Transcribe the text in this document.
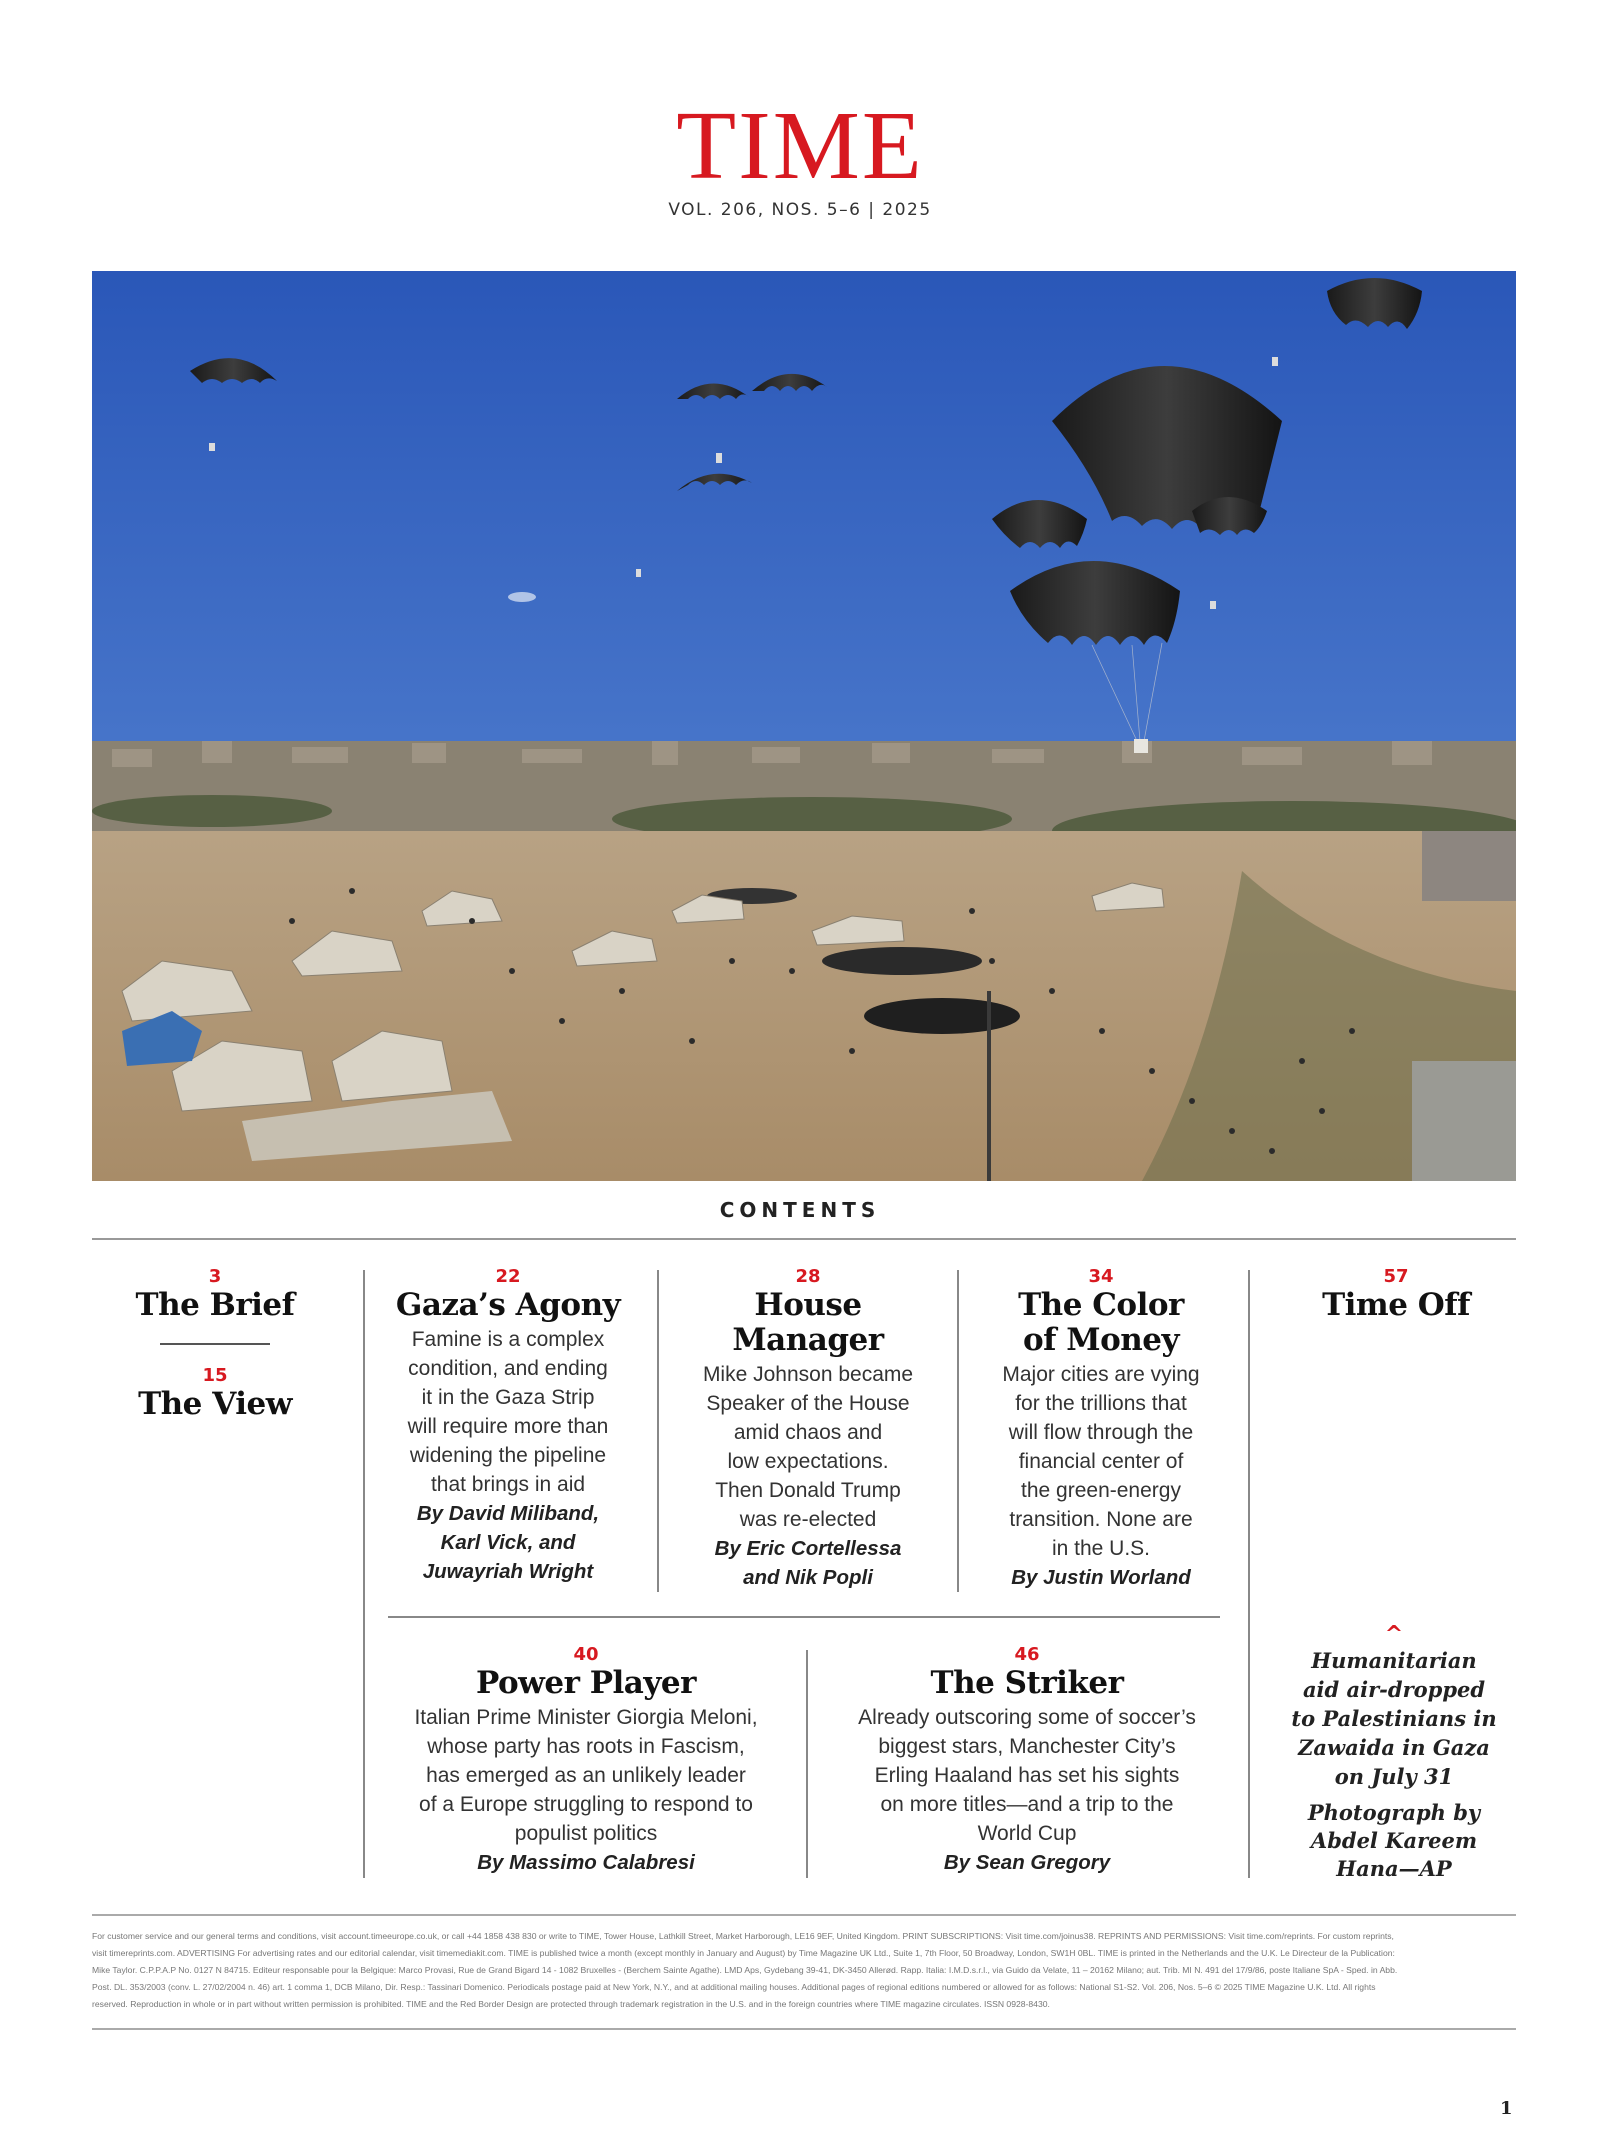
TIME
VOL. 206, NOS. 5–6 | 2025
CONTENTS
3
The Brief
15
The View
22
Gaza’s Agony
Famine is a complex
condition, and ending
it in the Gaza Strip
will require more than
widening the pipeline
that brings in aid
By David Miliband,
Karl Vick, and
Juwayriah Wright
28
House
Manager
Mike Johnson became
Speaker of the House
amid chaos and
low expectations.
Then Donald Trump
was re-elected
By Eric Cortellessa
and Nik Popli
34
The Color
of Money
Major cities are vying
for the trillions that
will flow through the
financial center of
the green-energy
transition. None are
in the U.S.
By Justin Worland
57
Time Off
40
Power Player
Italian Prime Minister Giorgia Meloni,
whose party has roots in Fascism,
has emerged as an unlikely leader
of a Europe struggling to respond to
populist politics
By Massimo Calabresi
46
The Striker
Already outscoring some of soccer’s
biggest stars, Manchester City’s
Erling Haaland has set his sights
on more titles—and a trip to the
World Cup
By Sean Gregory
^
Humanitarian
aid air-dropped
to Palestinians in
Zawaida in Gaza
on July 31
Photograph by
Abdel Kareem
Hana—AP
For customer service and our general terms and conditions, visit account.timeeurope.co.uk, or call +44 1858 438 830 or write to TIME, Tower House, Lathkill Street, Market Harborough, LE16 9EF, United Kingdom. PRINT SUBSCRIPTIONS: Visit time.com/joinus38. REPRINTS AND PERMISSIONS: Visit time.com/reprints. For custom reprints,
visit timereprints.com. ADVERTISING For advertising rates and our editorial calendar, visit timemediakit.com. TIME is published twice a month (except monthly in January and August) by Time Magazine UK Ltd., Suite 1, 7th Floor, 50 Broadway, London, SW1H 0BL. TIME is printed in the Netherlands and the U.K. Le Directeur de la Publication:
Mike Taylor. C.P.P.A.P No. 0127 N 84715. Editeur responsable pour la Belgique: Marco Provasi, Rue de Grand Bigard 14 - 1082 Bruxelles - (Berchem Sainte Agathe). LMD Aps, Gydebang 39-41, DK-3450 Allerød. Rapp. Italia: I.M.D.s.r.l., via Guido da Velate, 11 – 20162 Milano; aut. Trib. MI N. 491 del 17/9/86, poste Italiane SpA - Sped. in Abb.
Post. DL. 353/2003 (conv. L. 27/02/2004 n. 46) art. 1 comma 1, DCB Milano, Dir. Resp.: Tassinari Domenico. Periodicals postage paid at New York, N.Y., and at additional mailing houses. Additional pages of regional editions numbered or allowed for as follows: National S1-S2. Vol. 206, Nos. 5–6 © 2025 TIME Magazine U.K. Ltd. All rights
reserved. Reproduction in whole or in part without written permission is prohibited. TIME and the Red Border Design are protected through trademark registration in the U.S. and in the foreign countries where TIME magazine circulates. ISSN 0928-8430.
1
